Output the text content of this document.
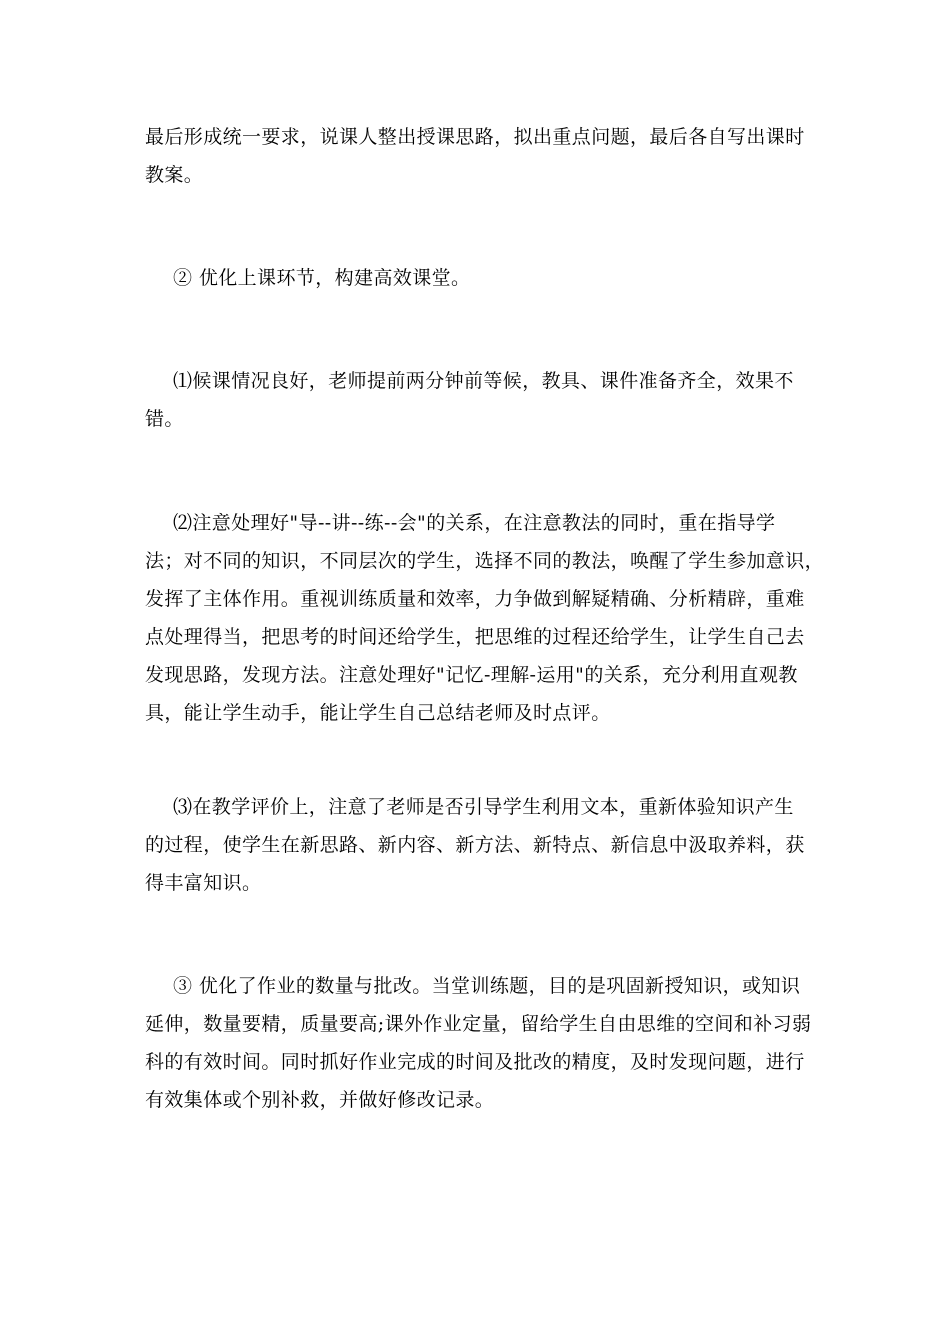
最后形成统一要求，说课人整出授课思路，拟出重点问题，最后各自写出课时
教案。
② 优化上课环节，构建高效课堂。
⑴候课情况良好，老师提前两分钟前等候，教具、课件准备齐全，效果不
错。
⑵注意处理好"导--讲--练--会"的关系，在注意教法的同时，重在指导学
法；对不同的知识，不同层次的学生，选择不同的教法，唤醒了学生参加意识，
发挥了主体作用。重视训练质量和效率，力争做到解疑精确、分析精辟，重难
点处理得当，把思考的时间还给学生，把思维的过程还给学生，让学生自己去
发现思路，发现方法。注意处理好"记忆-理解-运用"的关系，充分利用直观教
具，能让学生动手，能让学生自己总结老师及时点评。
⑶在教学评价上，注意了老师是否引导学生利用文本，重新体验知识产生
的过程，使学生在新思路、新内容、新方法、新特点、新信息中汲取养料，获
得丰富知识。
③ 优化了作业的数量与批改。当堂训练题，目的是巩固新授知识，或知识
延伸，数量要精，质量要高;课外作业定量，留给学生自由思维的空间和补习弱
科的有效时间。同时抓好作业完成的时间及批改的精度，及时发现问题，进行
有效集体或个别补救，并做好修改记录。
